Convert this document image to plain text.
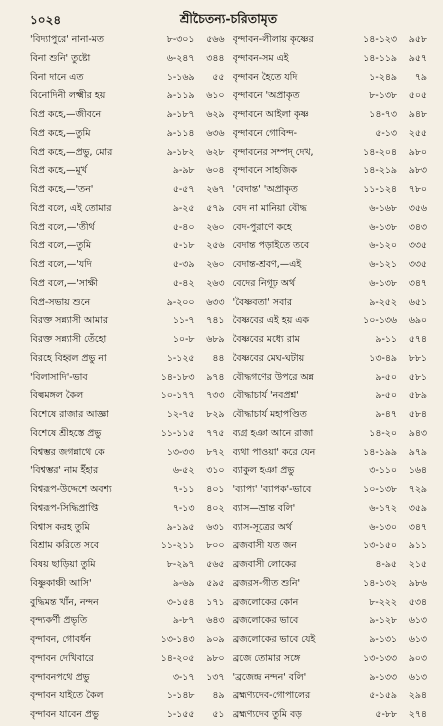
১০২৪	শ্রীচৈতন্য-চরিতামৃত
'বিদ্যাপুরে' নানা-মত	৮-৩০১	৫৬৬
বিনা শুনি' তুষ্টো	৬-২৪৭	৩৪৪
বিনা দানে এত	১-১৬৯	৫৫
বিনোদিনী লক্ষ্মীর হয়	৯-১১৯	৬১০
বিপ্র কহে,—জীবনে	৯-১৮৭	৬২৯
বিপ্র কহে,—তুমি	৯-১১৪	৬৩৬
বিপ্র কহে,—প্রভু, মোর	৯-১৮২	৬২৮
বিপ্র কহে,—মূর্খ	৯-৯৮	৬০৪
বিপ্র কহে,—'তন'	৫-৫৭	২৬৭
বিপ্র বলে, এই তোমার	৯-২৫	৫৭৯
বিপ্র বলে,—'তীর্থ	৫-৪০	২৬০
বিপ্র বলে,—তুমি	৫-১৮	২৫৬
বিপ্র বলে,—'যদি	৫-৩৯	২৬০
বিপ্র বলে,—'সাক্ষী	৫-৪২	২৬৩
বিপ্র-সভায় শুনে	৯-২০০	৬৩৩
বিরক্ত সন্ন্যাসী আমার	১১-৭	৭৪১
বিরক্ত সন্ন্যাসী তেঁহো	১০-৮	৬৮৯
বিরহে বিহ্বল প্রভু না	১-১২৫	৪৪
'বিলাসাদি'-ভাব	১৪-১৮৩	৯৭৪
বিল্বমঙ্গল কৈল	১০-১৭৭	৭৩৩
বিশেষে রাজার আজ্ঞা	১২-৭৫	৮২৯
বিশেষে শ্রীহস্তে প্রভু	১১-১১৫	৭৭৫
বিশ্বম্ভর জগন্নাথে কে	১৩-৩৩	৮৭২
'বিশ্বম্ভর' নাম ইঁহার	৬-৫২	৩১০
বিশ্বরূপ-উদ্দেশে অবশ্য	৭-১১	৪০১
বিশ্বরূপ-সিদ্ধিপ্রাপ্তি	৭-১৩	৪০২
বিশ্বাস করহ তুমি	৯-১৯৫	৬৩১
বিশ্রাম করিতে সবে	১১-২১১	৮০০
বিষয় ছাড়িয়া তুমি	৮-২৯৭	৫৬৫
বিষ্ণুকাঞ্চী আসি'	৯-৬৯	৫৯৫
বুদ্ধিমন্ত খাঁন, নন্দন	৩-১৫৪	১৭১
বৃন্দ্যকর্ণী প্রভৃতি	৯-৮৭	৬৪৩
বৃন্দাবন, গোবর্ধন	১৩-১৪৩	৯০৯
বৃন্দাবন দেখিবারে	১৪-২০৫	৯৮০
বৃন্দাবনপথে প্রভু	৩-১৭	১৩৭
বৃন্দাবন যাইতে কৈল	১-১৪৮	৪৯
বৃন্দাবন যাবেন প্রভু	১-১৫৫	৫১
বৃন্দাবন-লীলায় কৃষ্ণের	১৪-১২৩	৯৫৮
বৃন্দাবন-সম এই	১৪-১১৯	৯৫৭
বৃন্দাবন হৈতে যদি	১-২৪৯	৭৯
বৃন্দাবনে 'অপ্রাকৃত	৮-১৩৮	৫০৫
বৃন্দাবনে আইলা কৃষ্ণ	১৪-৭৩	৯৪৮
বৃন্দাবনে গোবিন্দ-	৫-১৩	২৫৫
বৃন্দাবনের সম্পদ্ দেখ,	১৪-২০৪	৯৮০
বৃন্দাবনে সাহজিক	১৪-২১৯	৯৮৩
'বেদান্ত' 'অপ্রাকৃত	১১-১২৪	৭৮০
বেদ না মানিয়া বৌদ্ধ	৬-১৬৮	৩৫৬
বেদ-পুরাণে কহে	৬-১৩৮	৩৪৩
বেদান্ত পড়াইতে তবে	৬-১২০	৩৩৫
বেদান্ত-শ্রবণ,—এই	৬-১২১	৩৩৫
বেদের নিগূঢ় অর্থ	৬-১৩৮	৩৪৭
'বৈষ্ণবতা' সবার	৯-২৫২	৬৫১
বৈষ্ণবের এই হয় এক	১০-১৩৬	৬৯০
বৈষ্ণবের মধ্যে রাম	৯-১১	৫৭৪
বৈষ্ণবের মেঘ-ঘটায়	১৩-৪৯	৮৮১
বৌদ্ধগণের উপরে অন্ন	৯-৫০	৫৮১
বৌদ্ধাচার্য 'নবপ্রশ্ন'	৯-৫০	৫৮৯
বৌদ্ধাচার্য মহাপণ্ডিত	৯-৪৭	৫৮৪
ব্যগ্র হঞা আনে রাজা	১৪-২০	৯৪৩
ব্যথা পাওয়া' করে যেন	১৪-১৯৯	৯৭৯
ব্যাকুল হঞা প্রভু	৩-১১০	১৬৪
'ব্যাপ্য' 'ব্যাপক'-ভাবে	১০-১৩৮	৭২৯
ব্যাস—ভ্রান্ত বলি'	৬-১৭২	৩৫৯
ব্যাস-সূত্রের অর্থ	৬-১৩০	৩৪৭
ব্রজবাসী যত জন	১৩-১৫০	৯১১
ব্রজবাসী লোকের	৪-৯৫	২১৫
ব্রজরস-গীত শুনি'	১৪-১৩২	৯৮৬
ব্রজলোকের কোন	৮-২২২	৫৩৪
ব্রজলোকের ভাবে	৯-১২৮	৬১৩
ব্রজলোকের ভাবে যেই	৯-১৩১	৬১৩
ব্রজে তোমার সঙ্গে	১৩-১৩৩	৯০৩
'ব্রজেন্দ্র নন্দন' বলি'	৯-১৩৩	৬১৩
ব্রহ্মণ্যদেব-গোপালের	৫-১৫৯	২৯৪
ব্রহ্মণ্যদেব তুমি বড়	৫-৮৮	২৭৪
